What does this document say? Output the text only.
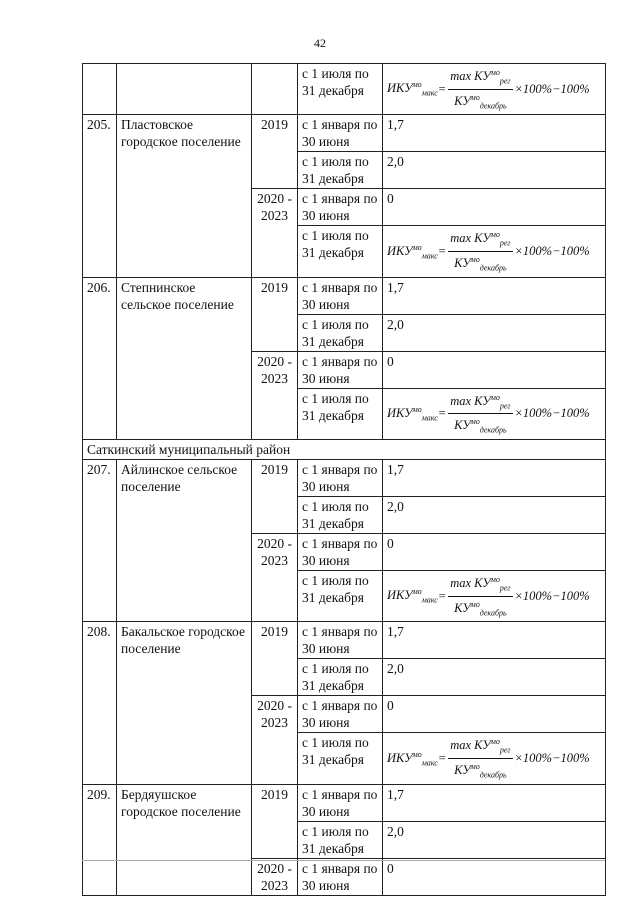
42
			с 1 июля по 31 декабря	$ИКУ^{мо}_{макс} = \frac{\max КУ^{мо}_{рег}}{КУ^{мо}_{декабрь}} \times 100\%-100\%$

205.	Пластовское городское поселение	2019	с 1 января по 30 июня	1,7
			с 1 июля по 31 декабря	2,0
		2020 - 2023	с 1 января по 30 июня	0
			с 1 июля по 31 декабря	$ИКУ^{мо}_{макс} = \frac{\max КУ^{мо}_{рег}}{КУ^{мо}_{декабрь}} \times 100\%-100\%$

206.	Степнинское сельское поселение	2019	с 1 января по 30 июня	1,7
			с 1 июля по 31 декабря	2,0
		2020 - 2023	с 1 января по 30 июня	0
			с 1 июля по 31 декабря	$ИКУ^{мо}_{макс} = \frac{\max КУ^{мо}_{рег}}{КУ^{мо}_{декабрь}} \times 100\%-100\%$

Саткинский муниципальный район				
207.	Айлинское сельское поселение	2019	с 1 января по 30 июня	1,7
			с 1 июля по 31 декабря	2,0
		2020 - 2023	с 1 января по 30 июня	0
			с 1 июля по 31 декабря	$ИКУ^{мо}_{макс} = \frac{\max КУ^{мо}_{рег}}{КУ^{мо}_{декабрь}} \times 100\%-100\%$

208.	Бакальское городское поселение	2019	с 1 января по 30 июня	1,7
			с 1 июля по 31 декабря	2,0
		2020 - 2023	с 1 января по 30 июня	0
			с 1 июля по 31 декабря	$ИКУ^{мо}_{макс} = \frac{\max КУ^{мо}_{рег}}{КУ^{мо}_{декабрь}} \times 100\%-100\%$

209.	Бердяушское городское поселение	2019	с 1 января по 30 июня	1,7
			с 1 июля по 31 декабря	2,0
		2020 - 2023	с 1 января по 30 июня	0
